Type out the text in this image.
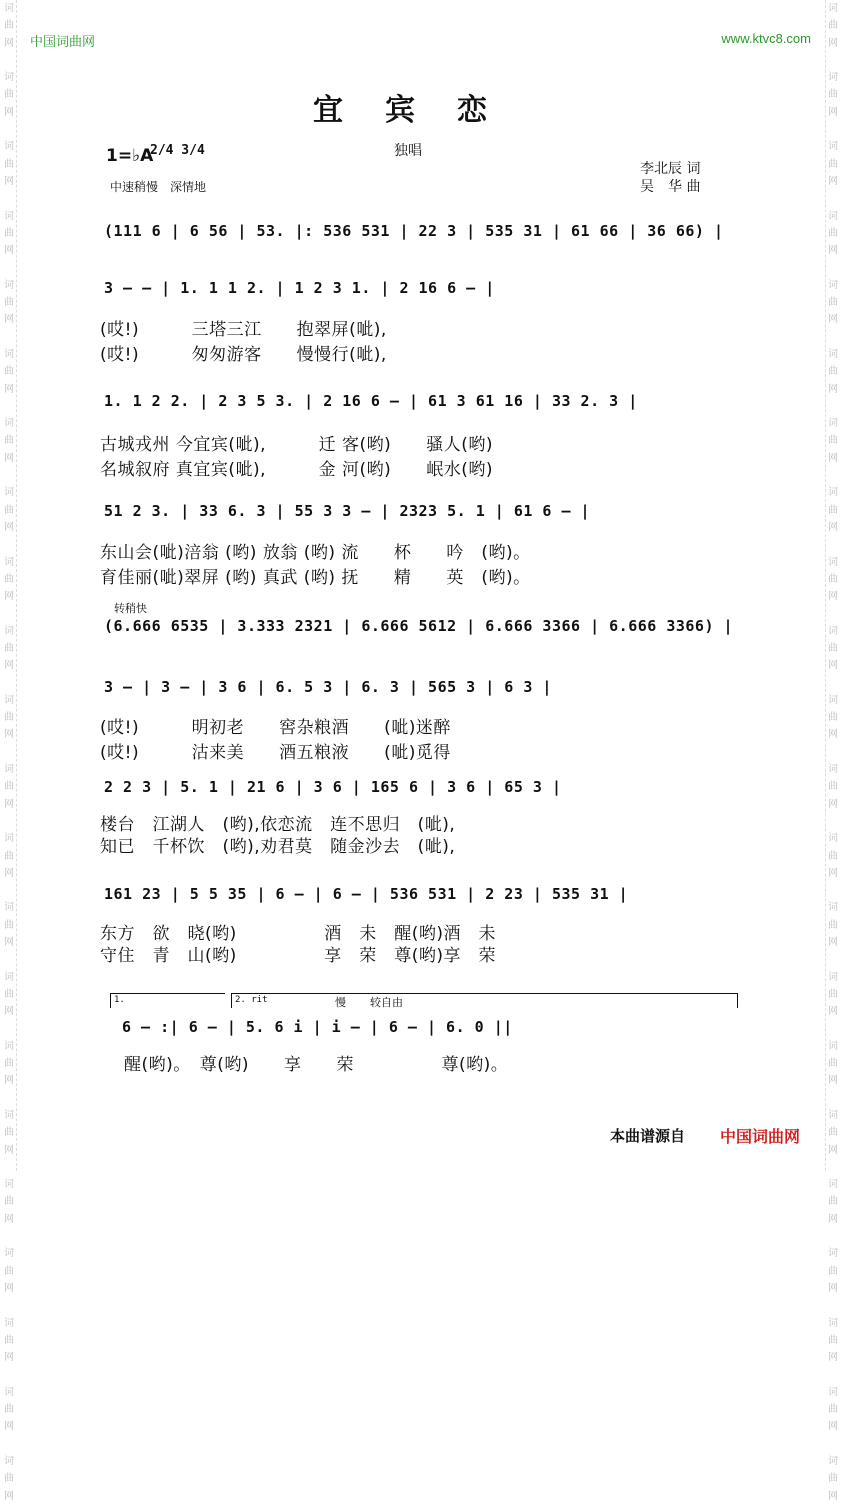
词
曲
网

词
曲
网

词
曲
网

词
曲
网

词
曲
网

词
曲
网

词
曲
网

词
曲
网

词
曲
网

词
曲
网

词
曲
网

词
曲
网

词
曲
网

词
曲
网

词
曲
网

词
曲
网

词
曲
网

词
曲
网

词
曲
网

词
曲
网

词
曲
网

词
曲
网

词
曲
网

词
曲
网

词
曲
网

词
曲
网

词
曲
网

词
曲
网

词
曲
网

词
曲
网

词
曲
网

词
曲
网

词
曲
网

词
曲
网

词
曲
网

词
曲
网

词
曲
网

词
曲
网

词
曲
网

词
曲
网

词
曲
网

词
曲
网

词
曲
网

词
曲
网

中国词曲网	www.ktvc8.com
宜宾恋
1=♭A
2/4 3/4	独唱
中速稍慢　深情地
李北辰 词
吴　华 曲
(111 6 | 6 56 | 53. |: 536 531 | 22 3 | 535 31 | 61 66 | 36 66) |
3 – – | 1. 1 1 2. | 1 2 3 1. | 2 16 6 – |
(哎!)　　　三塔三江　　抱翠屏(呲),
(哎!)　　　匆匆游客　　慢慢行(呲),
1. 1 2 2. | 2 3 5 3. | 2 16 6 – | 61 3 61 16 | 33 2. 3 |
古城戎州 今宜宾(呲),　　　迁 客(哟)　　骚人(哟)
名城叙府 真宜宾(呲),　　　金 河(哟)　　岷水(哟)
51 2 3. | 33 6. 3 | 55 3 3 – | 2323 5. 1 | 61 6 – |
东山会(呲)涪翁 (哟) 放翁 (哟) 流　　杯　　吟　(哟)。
育佳丽(呲)翠屏 (哟) 真武 (哟) 抚　　精　　英　(哟)。
转稍快
(6.666 6535 | 3.333 2321 | 6.666 5612 | 6.666 3366 | 6.666 3366) |
3 – | 3 – | 3 6 | 6. 5 3 | 6. 3 | 565 3 | 6 3 |
(哎!)　　　明初老　　窖杂粮酒　　(呲)迷醉
(哎!)　　　沽来美　　酒五粮液　　(呲)觅得
2 2 3 | 5. 1 | 21 6 | 3 6 | 165 6 | 3 6 | 65 3 |
楼台　江湖人　(哟),依恋流　连不思归　(呲),
知已　千杯饮　(哟),劝君莫　随金沙去　(呲),
161 23 | 5 5 35 | 6 – | 6 – | 536 531 | 2 23 | 535 31 |
东方　欲　晓(哟)　　　　　酒　未　醒(哟)酒　未
守住　青　山(哟)　　　　　享　荣　尊(哟)享　荣
1.	2. rit	慢 较自由
6 – :| 6 – | 5. 6 i | i – | 6 – | 6. 0 ||
醒(哟)。　尊(哟)　　享　　荣　　　　　尊(哟)。
本曲谱源自 中国词曲网
